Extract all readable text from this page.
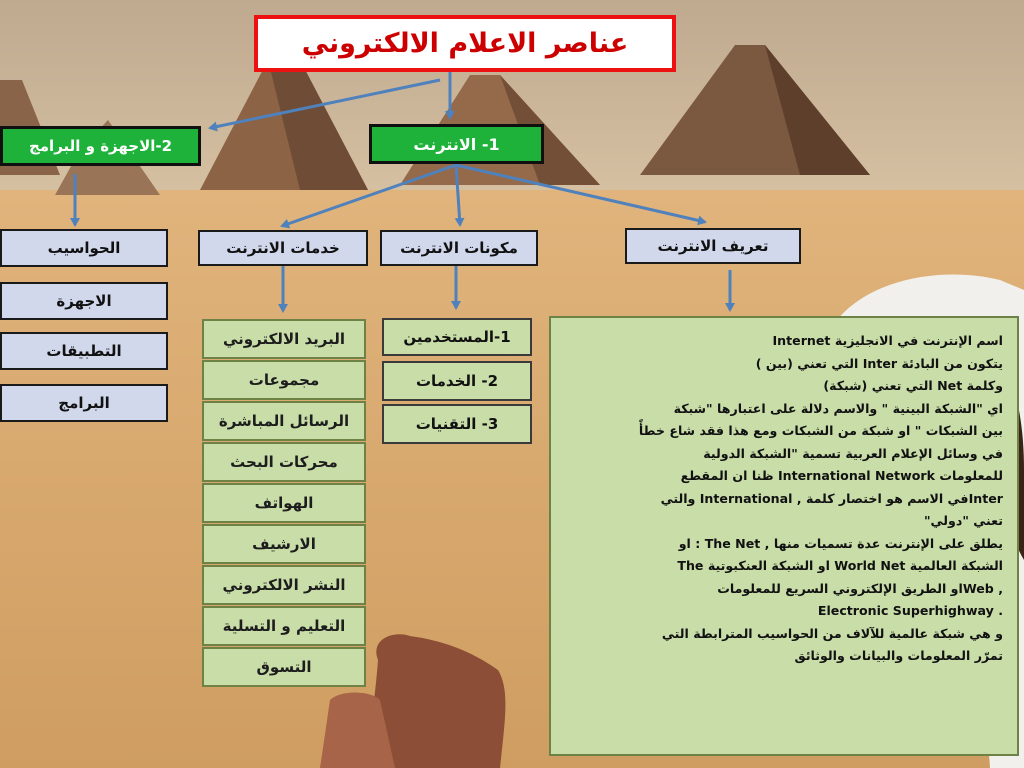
عناصر الاعلام الالكتروني
1- الانترنت
2-الاجهزة و البرامج
الحواسيب
الاجهزة
التطبيقات
البرامج
تعريف الانترنت
مكونات الانترنت
خدمات الانترنت
1-المستخدمين
2- الخدمات
3- التقنيات
البريد الالكتروني
مجموعات
الرسائل المباشرة
محركات البحث
الهواتف
الارشيف
النشر الالكتروني
التعليم و التسلية
التسوق
اسم الإنترنت في الانجليزية Internet
يتكون من البادئة Inter التي تعني (بين )
وكلمة Net التي تعني (شبكة)
اي "الشبكة البينية " والاسم دلالة على اعتبارها "شبكة
بين الشبكات " او شبكة من الشبكات ومع هذا فقد شاع خطأً
في وسائل الإعلام العربية تسمية "الشبكة الدولية
للمعلومات International Network ظنا ان المقطع
Interفي الاسم هو اختصار كلمة , International والتي
تعني "دولي"
يطلق على الإنترنت عدة تسميات منها , The Net : او
الشبكة العالمية World Net او الشبكة العنكبوتية The
, Webاو الطريق الإلكتروني السريع للمعلومات
. Electronic Superhighway
و هي شبكة عالمية للآلاف من الحواسيب المترابطة التي
تمرّر المعلومات والبيانات والوثائق
